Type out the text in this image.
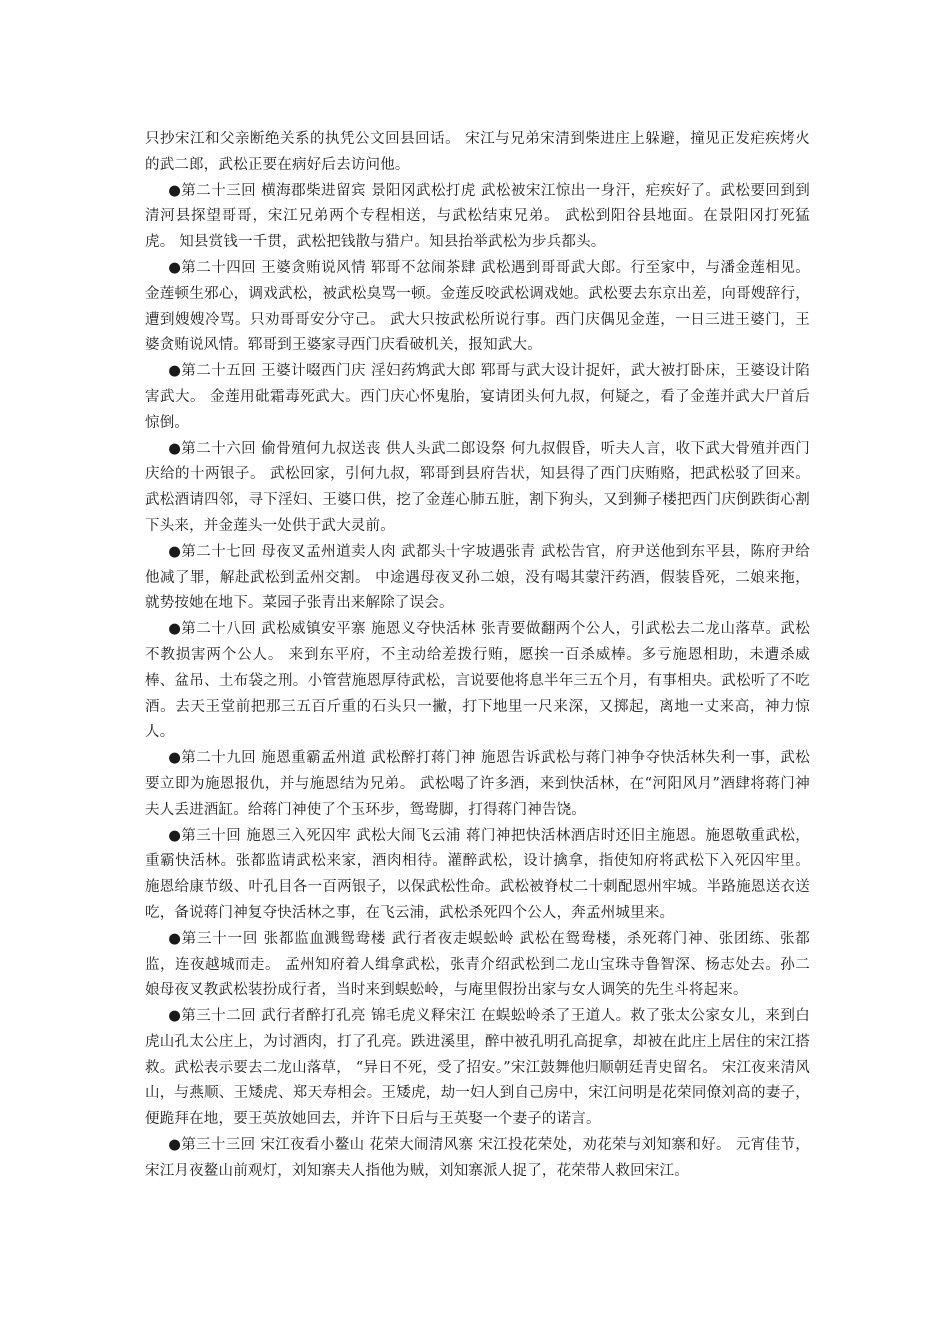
只抄宋江和父亲断绝关系的执凭公文回县回话。 宋江与兄弟宋清到柴进庄上躲避，撞见正发疟疾烤火的武二郎，武松正要在病好后去访问他。

●第二十三回 横海郡柴进留宾 景阳冈武松打虎 武松被宋江惊出一身汗，疟疾好了。武松要回到到清河县探望哥哥，宋江兄弟两个专程相送，与武松结束兄弟。 武松到阳谷县地面。在景阳冈打死猛虎。 知县赏钱一千贯，武松把钱散与猎户。知县抬举武松为步兵都头。

●第二十四回 王婆贪贿说风情 郓哥不忿闹茶肆 武松遇到哥哥武大郎。行至家中，与潘金莲相见。金莲顿生邪心，调戏武松，被武松臭骂一顿。金莲反咬武松调戏她。武松要去东京出差，向哥嫂辞行，遭到嫂嫂冷骂。只劝哥哥安分守己。 武大只按武松所说行事。西门庆偶见金莲，一日三进王婆门，王婆贪贿说风情。郓哥到王婆家寻西门庆看破机关，报知武大。

●第二十五回 王婆计啜西门庆 淫妇药鸩武大郎 郓哥与武大设计捉奸，武大被打卧床，王婆设计陷害武大。 金莲用砒霜毒死武大。西门庆心怀鬼胎，宴请团头何九叔，何疑之，看了金莲并武大尸首后惊倒。

●第二十六回 偷骨殖何九叔送丧 供人头武二郎设祭 何九叔假昏，听夫人言，收下武大骨殖并西门庆给的十两银子。 武松回家，引何九叔，郓哥到县府告状，知县得了西门庆贿赂，把武松驳了回来。 武松酒请四邻，寻下淫妇、王婆口供，挖了金莲心肺五脏，割下狗头，又到狮子楼把西门庆倒跌街心割下头来，并金莲头一处供于武大灵前。

●第二十七回 母夜叉孟州道卖人肉 武都头十字坡遇张青 武松告官，府尹送他到东平县，陈府尹给他减了罪，解赴武松到孟州交割。 中途遇母夜叉孙二娘，没有喝其蒙汗药酒，假装昏死，二娘来拖，就势按她在地下。菜园子张青出来解除了误会。

●第二十八回 武松威镇安平寨 施恩义夺快活林 张青要做翻两个公人，引武松去二龙山落草。武松不教损害两个公人。 来到东平府，不主动给差拨行贿，愿挨一百杀威棒。多亏施恩相助，未遭杀威棒、盆吊、土布袋之刑。小管营施恩厚待武松，言说要他将息半年三五个月，有事相央。武松听了不吃酒。去天王堂前把那三五百斤重的石头只一撇，打下地里一尺来深，又掷起，离地一丈来高，神力惊人。

●第二十九回 施恩重霸孟州道 武松醉打蒋门神 施恩告诉武松与蒋门神争夺快活林失利一事，武松要立即为施恩报仇，并与施恩结为兄弟。 武松喝了许多酒，来到快活林，在“河阳风月”酒肆将蒋门神夫人丢进酒缸。给蒋门神使了个玉环步，鸳鸯脚，打得蒋门神告饶。

●第三十回 施恩三入死囚牢 武松大闹飞云浦 蒋门神把快活林酒店时还旧主施恩。施恩敬重武松，重霸快活林。张都监请武松来家，酒肉相待。灌醉武松，设计擒拿，指使知府将武松下入死囚牢里。 施恩给康节级、叶孔目各一百两银子，以保武松性命。武松被脊杖二十刺配恩州牢城。半路施恩送衣送吃，备说蒋门神复夺快活林之事，在飞云浦，武松杀死四个公人，奔孟州城里来。

●第三十一回 张都监血溅鸳鸯楼 武行者夜走蜈蚣岭 武松在鸳鸯楼，杀死蒋门神、张团练、张都监，连夜越城而走。 孟州知府着人缉拿武松，张青介绍武松到二龙山宝珠寺鲁智深、杨志处去。孙二娘母夜叉教武松装扮成行者，当时来到蜈蚣岭，与庵里假扮出家与女人调笑的先生斗将起来。

●第三十二回 武行者醉打孔亮 锦毛虎义释宋江 在蜈蚣岭杀了王道人。救了张太公家女儿，来到白虎山孔太公庄上，为讨酒肉，打了孔亮。跌进溪里，醉中被孔明孔高捉拿，却被在此庄上居住的宋江搭救。武松表示要去二龙山落草， “异日不死，受了招安。”宋江鼓舞他归顺朝廷青史留名。 宋江夜来清风山，与燕顺、王矮虎、郑天寿相会。王矮虎，劫一妇人到自己房中，宋江问明是花荣同僚刘高的妻子，便跪拜在地，要王英放她回去，并许下日后与王英娶一个妻子的诺言。

●第三十三回 宋江夜看小鳌山 花荣大闹清风寨 宋江投花荣处，劝花荣与刘知寨和好。 元宵佳节，宋江月夜鳌山前观灯，刘知寨夫人指他为贼，刘知寨派人捉了，花荣带人救回宋江。
